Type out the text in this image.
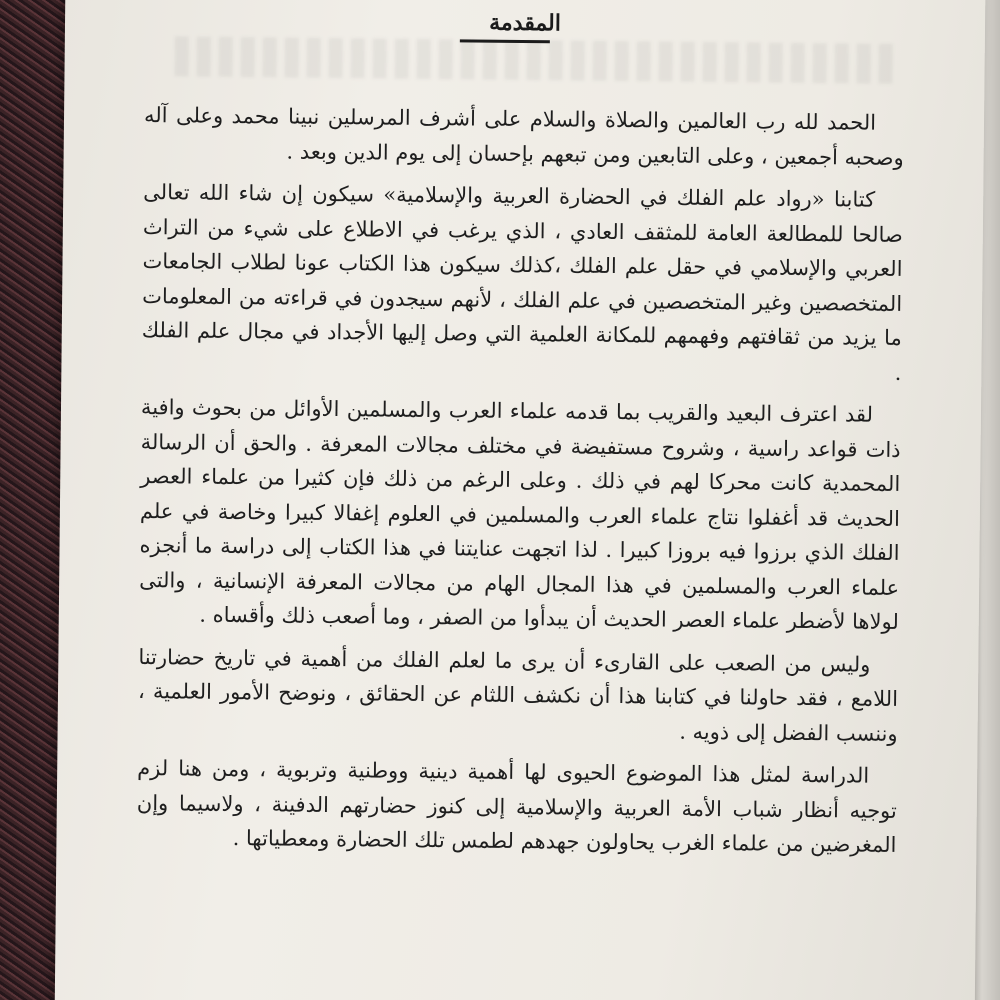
المقدمة

الحمد لله رب العالمين والصلاة والسلام على أشرف المرسلين نبينا محمد وعلى آله وصحبه أجمعين ، وعلى التابعين ومن تبعهم بإحسان إلى يوم الدين وبعد .

كتابنا «رواد علم الفلك في الحضارة العربية والإسلامية» سيكون إن شاء الله تعالى صالحا للمطالعة العامة للمثقف العادي ، الذي يرغب في الاطلاع على شيء من التراث العربي والإسلامي في حقل علم الفلك ،كذلك سيكون هذا الكتاب عونا لطلاب الجامعات المتخصصين وغير المتخصصين في علم الفلك ، لأنهم سيجدون في قراءته من المعلومات ما يزيد من ثقافتهم وفهمهم للمكانة العلمية التي وصل إليها الأجداد في مجال علم الفلك .

لقد اعترف البعيد والقريب بما قدمه علماء العرب والمسلمين الأوائل من بحوث وافية ذات قواعد راسية ، وشروح مستفيضة في مختلف مجالات المعرفة . والحق أن الرسالة المحمدية كانت محركا لهم في ذلك . وعلى الرغم من ذلك فإن كثيرا من علماء العصر الحديث قد أغفلوا نتاج علماء العرب والمسلمين في العلوم إغفالا كبيرا وخاصة في علم الفلك الذي برزوا فيه بروزا كبيرا . لذا اتجهت عنايتنا في هذا الكتاب إلى دراسة ما أنجزه علماء العرب والمسلمين في هذا المجال الهام من مجالات المعرفة الإنسانية ، والتى لولاها لأضطر علماء العصر الحديث أن يبدأوا من الصفر ، وما أصعب ذلك وأقساه .

وليس من الصعب على القارىء أن يرى ما لعلم الفلك من أهمية في تاريخ حضارتنا اللامع ، فقد حاولنا في كتابنا هذا أن نكشف اللثام عن الحقائق ، ونوضح الأمور العلمية ، وننسب الفضل إلى ذويه .

الدراسة لمثل هذا الموضوع الحيوى لها أهمية دينية ووطنية وتربوية ، ومن هنا لزم توجيه أنظار شباب الأمة العربية والإسلامية إلى كنوز حضارتهم الدفينة ، ولاسيما وإن المغرضين من علماء الغرب يحاولون جهدهم لطمس تلك الحضارة ومعطياتها .
